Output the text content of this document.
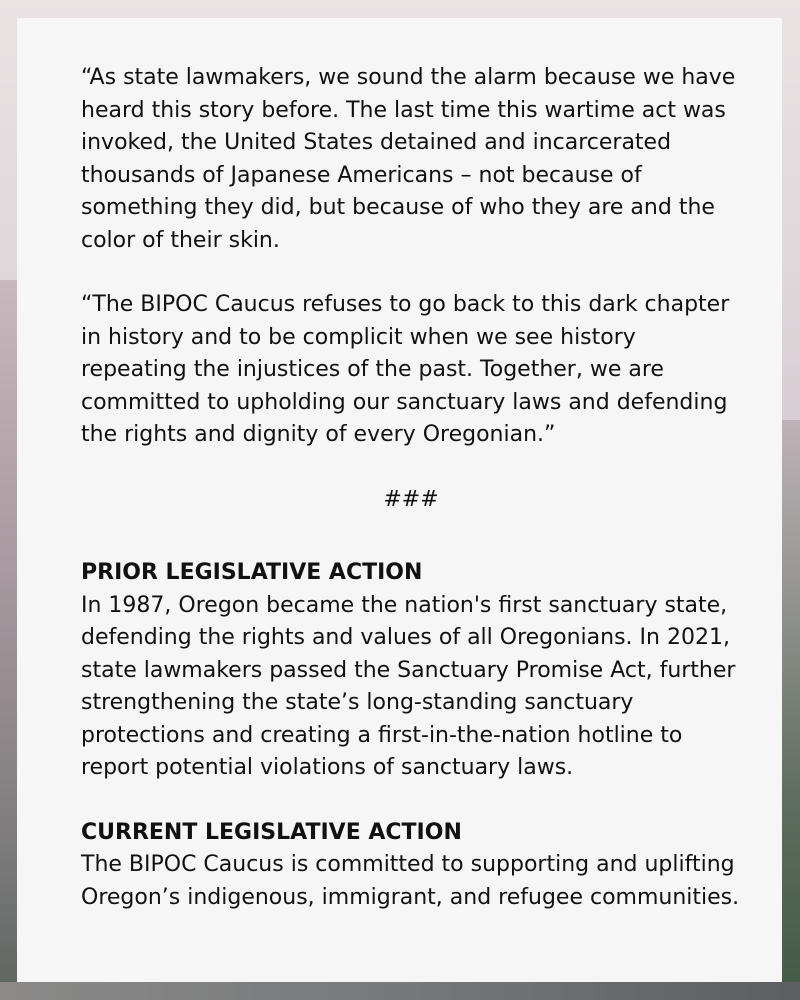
“As state lawmakers, we sound the alarm because we have heard this story before. The last time this wartime act was invoked, the United States detained and incarcerated thousands of Japanese Americans – not because of something they did, but because of who they are and the color of their skin.

“The BIPOC Caucus refuses to go back to this dark chapter in history and to be complicit when we see history repeating the injustices of the past. Together, we are committed to upholding our sanctuary laws and defending the rights and dignity of every Oregonian.”

###

PRIOR LEGISLATIVE ACTION

In 1987, Oregon became the nation's first sanctuary state, defending the rights and values of all Oregonians. In 2021, state lawmakers passed the Sanctuary Promise Act, further strengthening the state’s long-standing sanctuary protections and creating a first-in-the-nation hotline to report potential violations of sanctuary laws.

CURRENT LEGISLATIVE ACTION

The BIPOC Caucus is committed to supporting and uplifting Oregon’s indigenous, immigrant, and refugee communities.
